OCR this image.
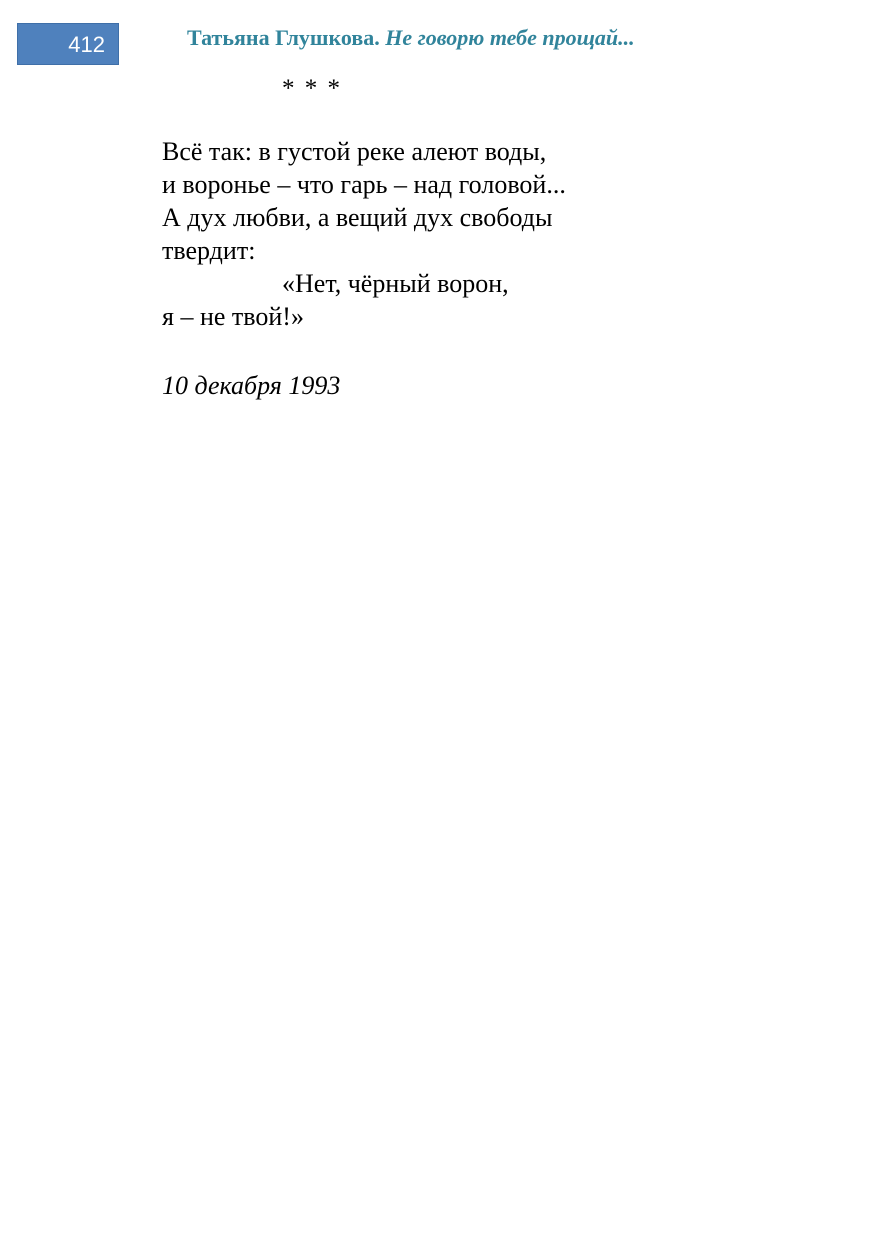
412	Татьяна Глушкова. Не говорю тебе прощай...
* * *
Всё так: в густой реке алеют воды,
и воронье – что гарь – над головой...
А дух любви, а вещий дух свободы
твердит:
«Нет, чёрный ворон,
я – не твой!»
10 декабря 1993
